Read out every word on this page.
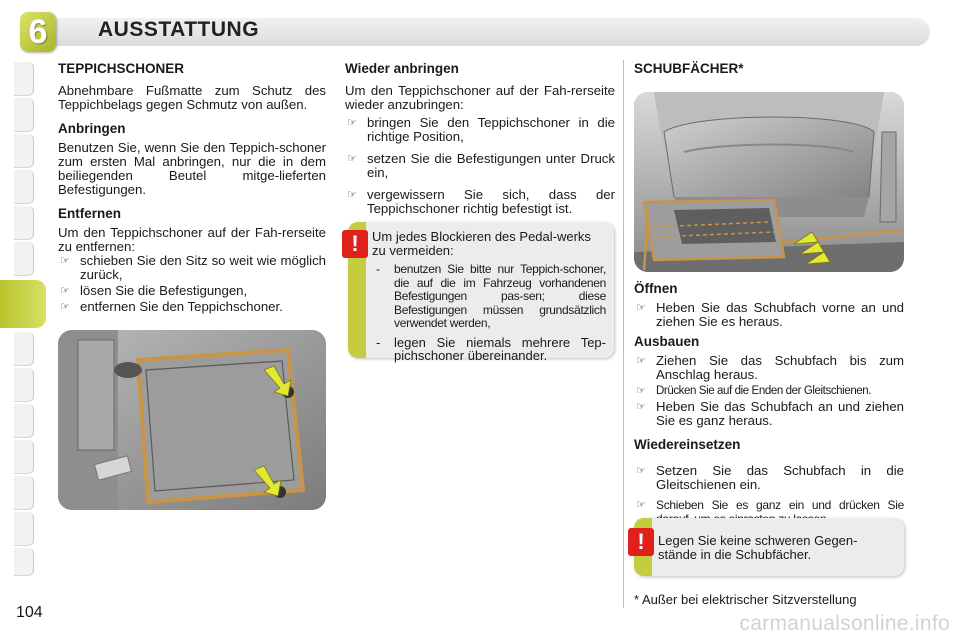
6	AUSSTATTUNG
TEPPICHSCHONER

Abnehmbare Fußmatte zum Schutz des Teppichbelags gegen Schmutz von außen.

Anbringen

Benutzen Sie, wenn Sie den Teppich-schoner zum ersten Mal anbringen, nur die in dem beiliegenden Beutel mitge-lieferten Befestigungen.

Entfernen

Um den Teppichschoner auf der Fah-rerseite zu entfernen:

☞ schieben Sie den Sitz so weit wie möglich zurück,
☞ lösen Sie die Befestigungen,
☞ entfernen Sie den Teppichschoner.
Wieder anbringen

Um den Teppichschoner auf der Fah-rerseite wieder anzubringen:

☞ bringen Sie den Teppichschoner in die richtige Position,
☞ setzen Sie die Befestigungen unter Druck ein,
☞ vergewissern Sie sich, dass der Teppichschoner richtig befestigt ist.
!	Um jedes Blockieren des Pedal-werks zu vermeiden:

- benutzen Sie bitte nur Teppich-schoner, die auf die im Fahrzeug vorhandenen Befestigungen pas-sen; diese Befestigungen müssen grundsätzlich verwendet werden,
- legen Sie niemals mehrere Tep-pichschoner übereinander.
SCHUBFÄCHER*
Öffnen
☞ Heben Sie das Schubfach vorne an und ziehen Sie es heraus.
Ausbauen
☞ Ziehen Sie das Schubfach bis zum Anschlag heraus.
☞ Drücken Sie auf die Enden der Gleitschienen.
☞ Heben Sie das Schubfach an und ziehen Sie es ganz heraus.
Wiedereinsetzen
☞ Setzen Sie das Schubfach in die Gleitschienen ein.
☞ Schieben Sie es ganz ein und drücken Sie
!	Legen Sie keine schweren Gegen-stände in die Schubfächer.
* Außer bei elektrischer Sitzverstellung
104	carmanualsonline.info
